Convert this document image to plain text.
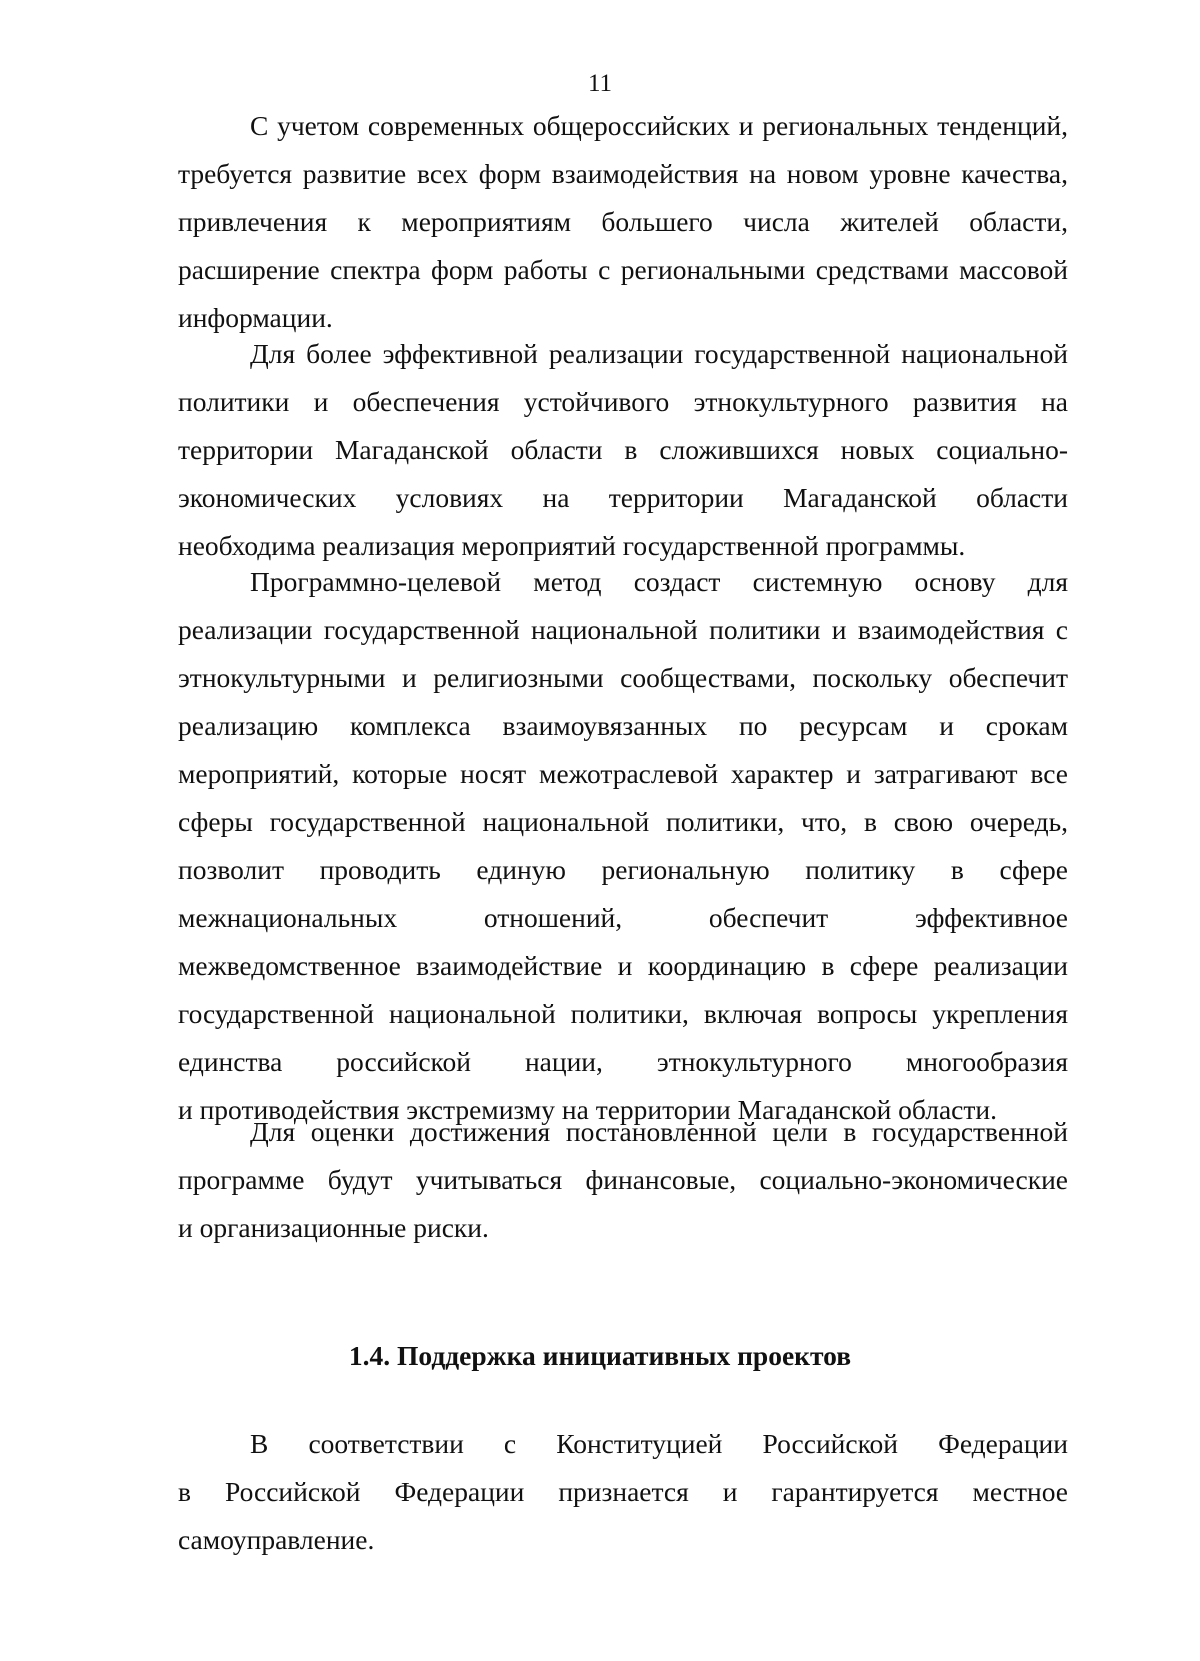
11
С учетом современных общероссийских и региональных тенденций,
требуется развитие всех форм взаимодействия на новом уровне качества,
привлечения к мероприятиям большего числа жителей области,
расширение спектра форм работы с региональными средствами массовой
информации.
Для более эффективной реализации государственной национальной
политики и обеспечения устойчивого этнокультурного развития на
территории Магаданской области в сложившихся новых социально-
экономических условиях на территории Магаданской области
необходима реализация мероприятий государственной программы.
Программно-целевой метод создаст системную основу для
реализации государственной национальной политики и взаимодействия с
этнокультурными и религиозными сообществами, поскольку обеспечит
реализацию комплекса взаимоувязанных по ресурсам и срокам
мероприятий, которые носят межотраслевой характер и затрагивают все
сферы государственной национальной политики, что, в свою очередь,
позволит проводить единую региональную политику в сфере
межнациональных отношений, обеспечит эффективное
межведомственное взаимодействие и координацию в сфере реализации
государственной национальной политики, включая вопросы укрепления
единства российской нации, этнокультурного многообразия
и противодействия экстремизму на территории Магаданской области.
Для оценки достижения постановленной цели в государственной
программе будут учитываться финансовые, социально-экономические
и организационные риски.
1.4. Поддержка инициативных проектов
В соответствии с Конституцией Российской Федерации
в Российской Федерации признается и гарантируется местное
самоуправление.
